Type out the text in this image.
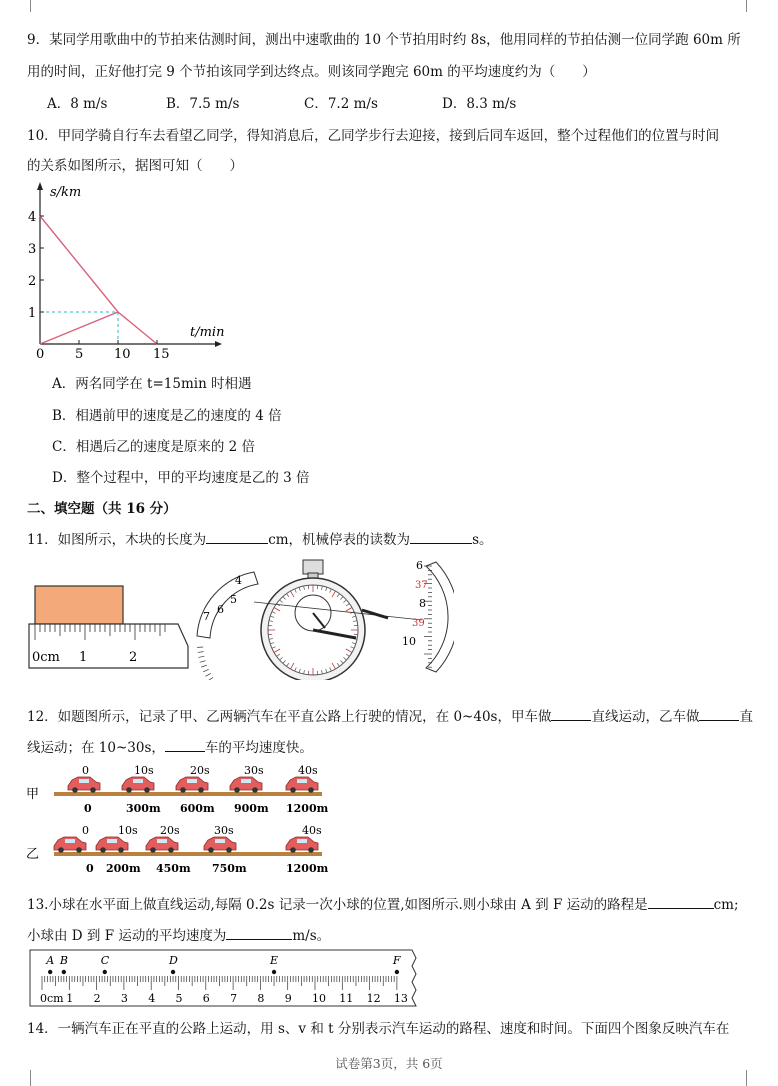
9．某同学用歌曲中的节拍来估测时间，测出中速歌曲的 10 个节拍用时约 8s，他用同样的节拍估测一位同学跑 60m 所
用的时间，正好他打完 9 个节拍该同学到达终点。则该同学跑完 60m 的平均速度约为（　　）
A．8 m/s	B．7.5 m/s	C．7.2 m/s	D．8.3 m/s
10．甲同学骑自行车去看望乙同学，得知消息后，乙同学步行去迎接，接到后同车返回，整个过程他们的位置与时间
的关系如图所示，据图可知（　　）
0 5 10 15
1
2
3
4
s/km
t/min
A．两名同学在 t=15min 时相遇
B．相遇前甲的速度是乙的速度的 4 倍
C．相遇后乙的速度是原来的 2 倍
D．整个过程中，甲的平均速度是乙的 3 倍
二、填空题（共 16 分）
11．如图所示，木块的长度为	cm，机械停表的读数为	s。
0cm 1	2
4
5
6
7
6
37
8
39
10
12．如题图所示，记录了甲、乙两辆汽车在平直公路上行驶的情况，在 0~40s，甲车做	直线运动，乙车做	直
线运动；在 10~30s，	车的平均速度快。
甲
乙
0
0
10s
300m
20s
600m
30s
900m
40s
1200m
0
0
10s
200m
20s
450m
30s
750m
40s
1200m
13.小球在水平面上做直线运动,每隔 0.2s 记录一次小球的位置,如图所示.则小球由 A 到 F 运动的路程是	cm;
小球由 D 到 F 运动的平均速度为	m/s。
0cm 1 2 3 4 5 6 7 8 9 10 11 12 13
A B	C	D	E	F
14．一辆汽车正在平直的公路上运动，用 s、v 和 t 分别表示汽车运动的路程、速度和时间。下面四个图象反映汽车在
试卷第3页，共 6页
